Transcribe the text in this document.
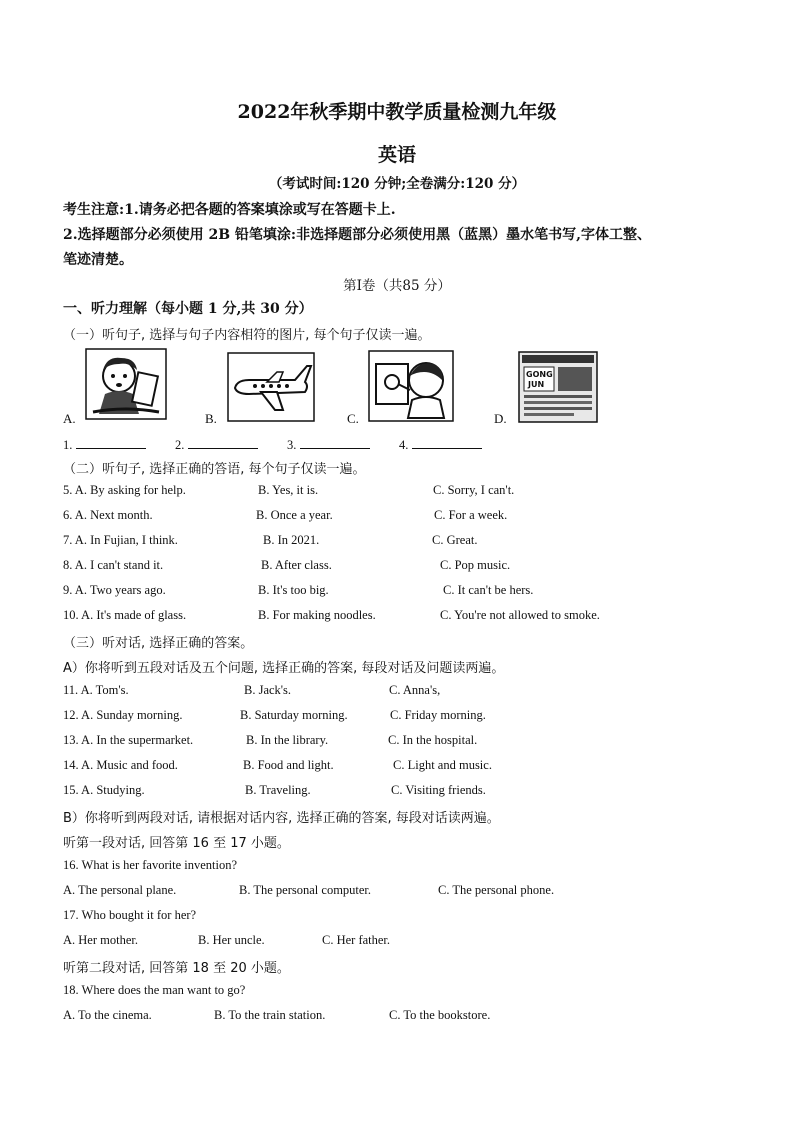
2022年秋季期中教学质量检测九年级
英语
（考试时间:120 分钟;全卷满分:120 分）
考生注意:1.请务必把各题的答案填涂或写在答题卡上.
2.选择题部分必须使用 2B 铅笔填涂:非选择题部分必须使用黑（蓝黑）墨水笔书写,字体工整、
笔迹清楚。
第Ⅰ卷（共85 分）
一、听力理解（每小题 1 分,共 30 分）
（一）听句子, 选择与句子内容相符的图片, 每个句子仅读一遍。
A.	B.	C.	D.
GONG
JUN
1.	2.	3.	4.
（二）听句子, 选择正确的答语, 每个句子仅读一遍。
5. A. By asking for help.	B. Yes, it is.	C. Sorry, I can't.
6. A. Next month.	B. Once a year.	C. For a week.
7. A. In Fujian, I think.	B. In 2021.	C. Great.
8. A. I can't stand it.	B. After class.	C. Pop music.
9. A. Two years ago.	B. It's too big.	C. It can't be hers.
10. A. It's made of glass.	B. For making noodles.	C. You're not allowed to smoke.
（三）听对话, 选择正确的答案。
A）你将听到五段对话及五个问题, 选择正确的答案, 每段对话及问题读两遍。
11. A. Tom's.	B. Jack's.	C. Anna's,
12. A. Sunday morning.	B. Saturday morning.	C. Friday morning.
13. A. In the supermarket.	B. In the library.	C. In the hospital.
14. A. Music and food.	B. Food and light.	C. Light and music.
15. A. Studying.	B. Traveling.	C. Visiting friends.
B）你将听到两段对话, 请根据对话内容, 选择正确的答案, 每段对话读两遍。
听第一段对话, 回答第 16 至 17 小题。
16. What is her favorite invention?
A. The personal plane.	B. The personal computer.	C. The personal phone.
17. Who bought it for her?
A. Her mother.	B. Her uncle.	C. Her father.
听第二段对话, 回答第 18 至 20 小题。
18. Where does the man want to go?
A. To the cinema.	B. To the train station.	C. To the bookstore.
